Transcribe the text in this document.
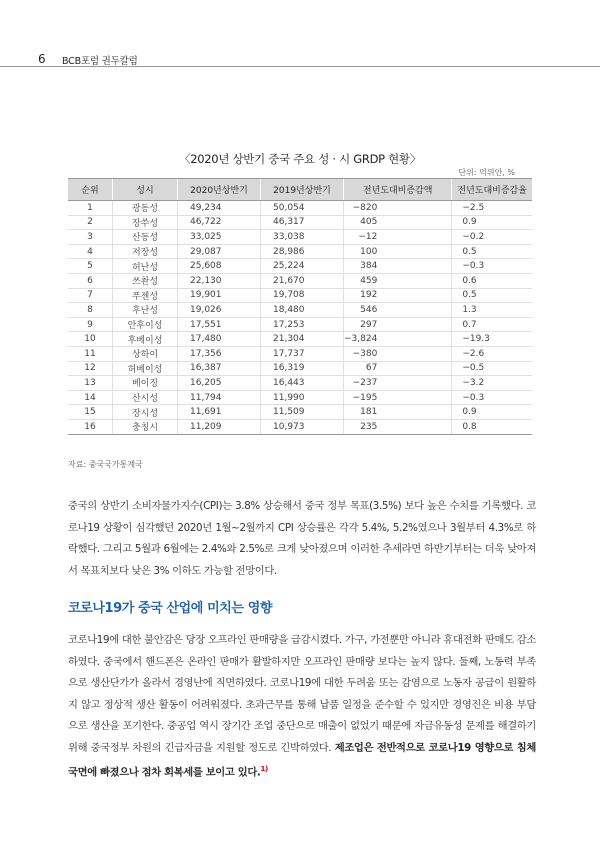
6 BCB포럼 권두칼럼
〈2020년 상반기 중국 주요 성 · 시 GRDP 현황〉
단위: 억위안, %
순위	성시	2020년상반기	2019년상반기	전년도대비증감액	전년도대비증감율
1	광동성	49,234	50,054	−820	−2.5
2	장쑤성	46,722	46,317	405	0.9
3	산동성	33,025	33,038	−12	−0.2
4	저장성	29,087	28,986	100	0.5
5	허난성	25,608	25,224	384	−0.3
6	쓰촨성	22,130	21,670	459	0.6
7	푸젠성	19,901	19,708	192	0.5
8	후난성	19,026	18,480	546	1.3
9	안후이성	17,551	17,253	297	0.7
10	후베이성	17,480	21,304	−3,824	−19.3
11	상하이	17,356	17,737	−380	−2.6
12	허베이성	16,387	16,319	67	−0.5
13	베이징	16,205	16,443	−237	−3.2
14	산시성	11,794	11,990	−195	−0.3
15	장시성	11,691	11,509	181	0.9
16	충칭시	11,209	10,973	235	0.8
자료: 중국국가통계국
중국의 상반기 소비자물가지수(CPI)는 3.8% 상승해서 중국 정부 목표(3.5%) 보다 높은 수치를 기록했다. 코로나19 상황이 심각했던 2020년 1월∼2월까지 CPI 상승률은 각각 5.4%, 5.2%였으나 3월부터 4.3%로 하락했다. 그리고 5월과 6월에는 2.4%와 2.5%로 크게 낮아졌으며 이러한 추세라면 하반기부터는 더욱 낮아져서 목표치보다 낮은 3% 이하도 가능할 전망이다.
코로나19가 중국 산업에 미치는 영향
코로나19에 대한 불안감은 당장 오프라인 판매량을 급감시켰다. 가구, 가전뿐만 아니라 휴대전화 판매도 감소하였다. 중국에서 핸드폰은 온라인 판매가 활발하지만 오프라인 판매량 보다는 높지 않다. 둘째, 노동력 부족으로 생산단가가 올라서 경영난에 직면하였다. 코로나19에 대한 두려움 또는 감염으로 노동자 공급이 원활하지 않고 정상적 생산 활동이 어려워졌다. 초과근무를 통해 납품 일정을 준수할 수 있지만 경영진은 비용 부담으로 생산을 포기한다. 중공업 역시 장기간 조업 중단으로 매출이 없었기 때문에 자금유동성 문제를 해결하기 위해 중국정부 차원의 긴급자금을 지원할 정도로 긴박하였다. 제조업은 전반적으로 코로나19 영향으로 침체국면에 빠졌으나 점차 회복세를 보이고 있다.$^{1)}$
